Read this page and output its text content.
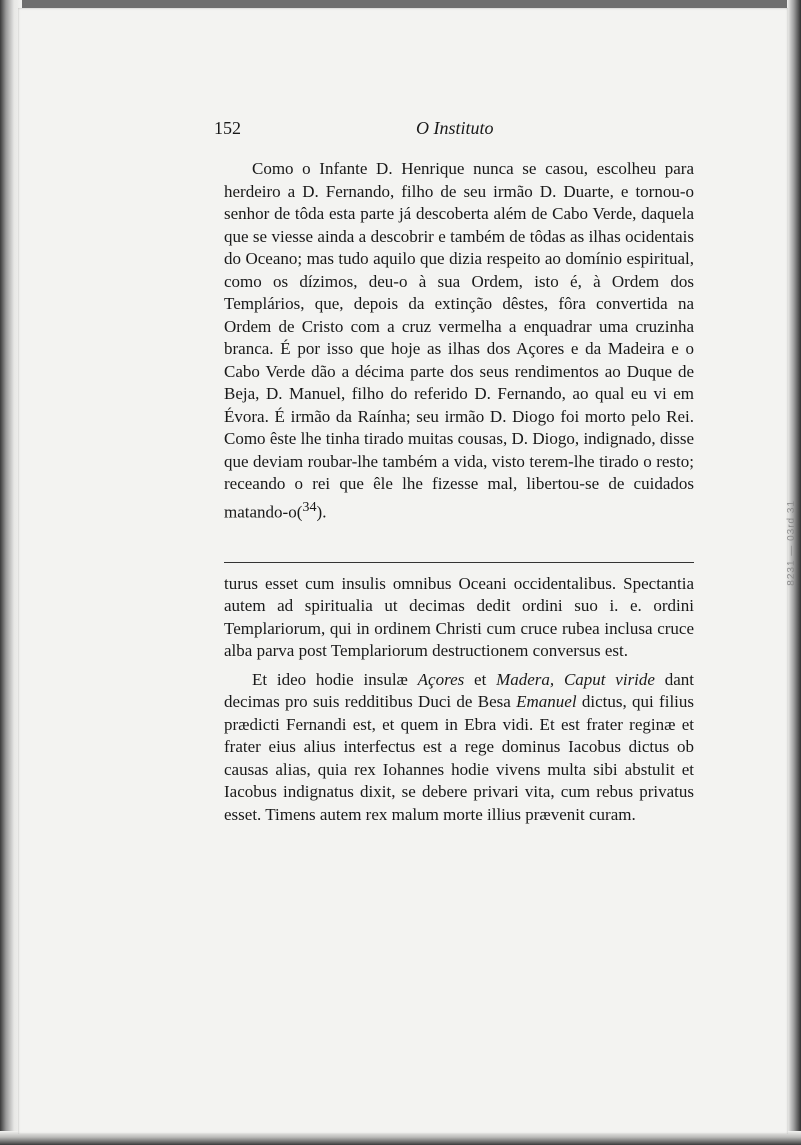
152	O Instituto

Como o Infante D. Henrique nunca se casou, escolheu para herdeiro a D. Fernando, filho de seu irmão D. Duarte, e tornou-o senhor de tôda esta parte já descoberta além de Cabo Verde, daquela que se viesse ainda a descobrir e também de tôdas as ilhas ocidentais do Oceano; mas tudo aquilo que dizia respeito ao domínio espiritual, como os dízimos, deu-o à sua Ordem, isto é, à Ordem dos Templários, que, depois da extinção dêstes, fôra convertida na Ordem de Cristo com a cruz vermelha a enquadrar uma cruzinha branca. É por isso que hoje as ilhas dos Açores e da Madeira e o Cabo Verde dão a décima parte dos seus rendimentos ao Duque de Beja, D. Manuel, filho do referido D. Fernando, ao qual eu vi em Évora. É irmão da Raínha; seu irmão D. Diogo foi morto pelo Rei. Como êste lhe tinha tirado muitas cousas, D. Diogo, indignado, disse que deviam roubar-lhe também a vida, visto terem-lhe tirado o resto; receando o rei que êle lhe fizesse mal, libertou-se de cuidados matando-o($^{34}$).

turus esset cum insulis omnibus Oceani occidentalibus. Spectantia autem ad spiritualia ut decimas dedit ordini suo i. e. ordini Templariorum, qui in ordinem Christi cum cruce rubea inclusa cruce alba parva post Templariorum destructionem conversus est.

Et ideo hodie insulæ Açores et Madera, Caput viride dant decimas pro suis redditibus Duci de Besa Emanuel dictus, qui filius prædicti Fernandi est, et quem in Ebra vidi. Et est frater reginæ et frater eius alius interfectus est a rege dominus Iacobus dictus ob causas alias, quia rex Iohannes hodie vivens multa sibi abstulit et Iacobus indignatus dixit, se debere privari vita, cum rebus privatus esset. Timens autem rex malum morte illius prævenit curam.

8231 — 03rd 31
